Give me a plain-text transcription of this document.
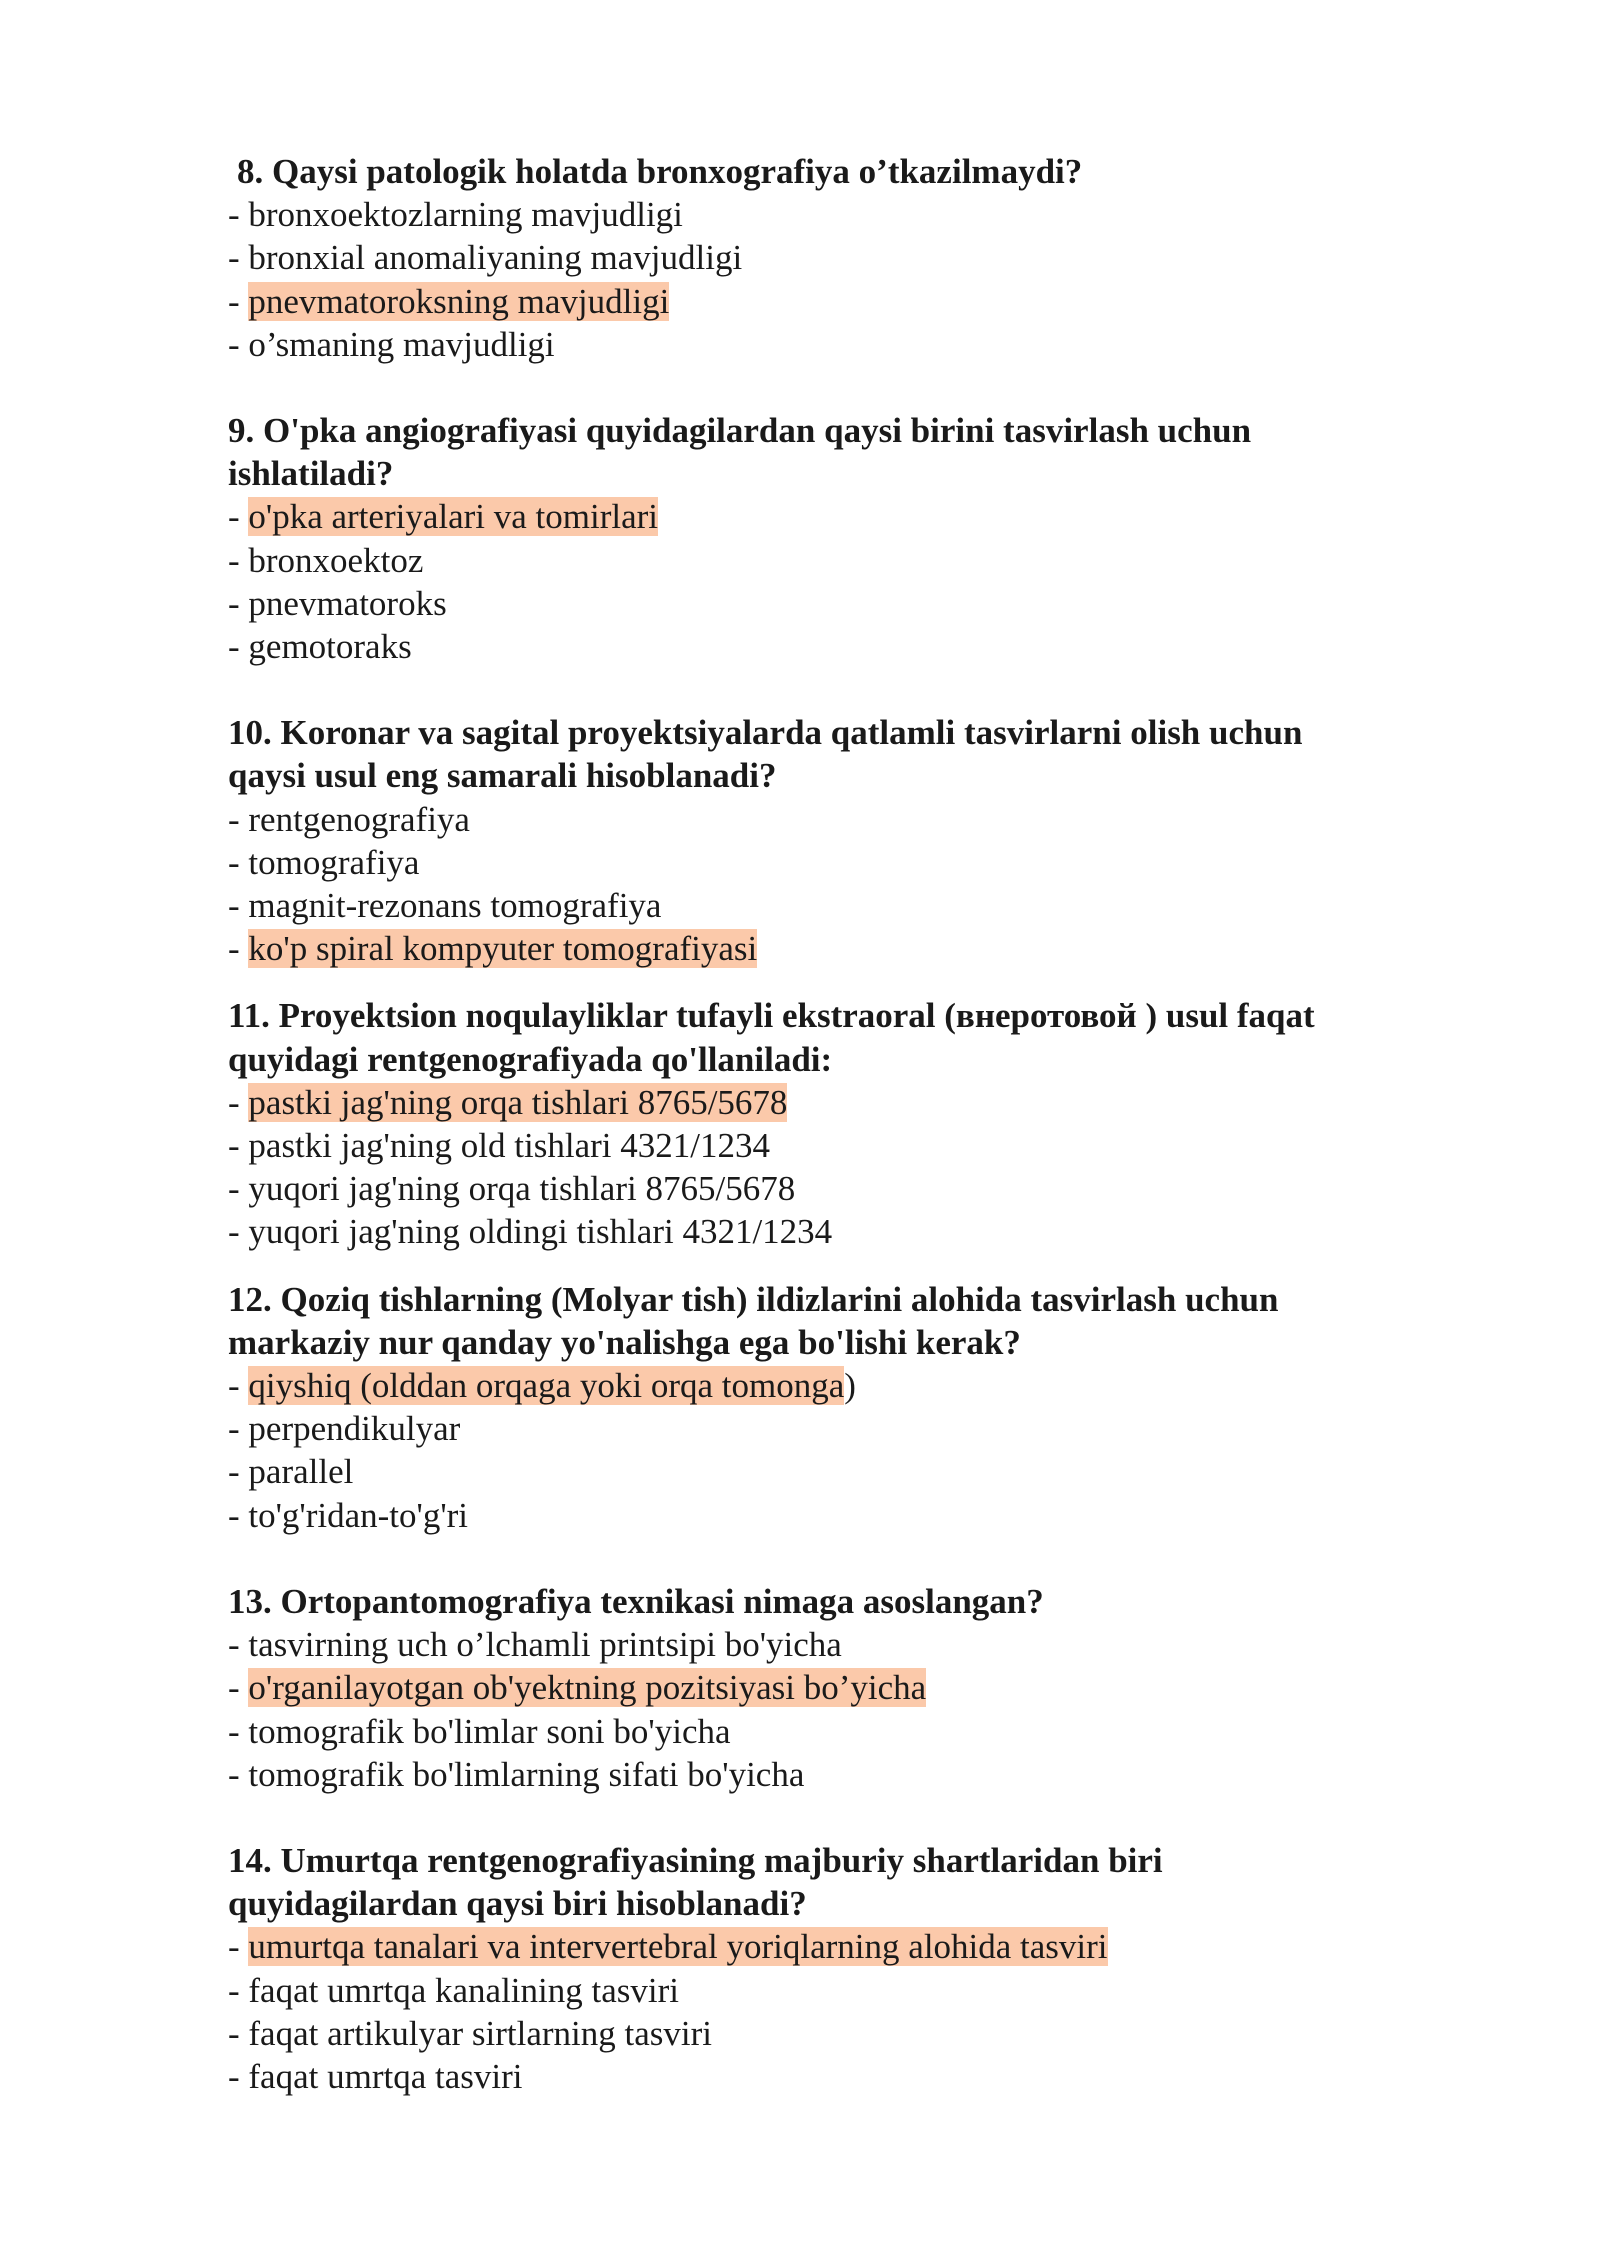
8. Qaysi patologik holatda bronxografiya o’tkazilmaydi?

- bronxoektozlarning mavjudligi

- bronxial anomaliyaning mavjudligi

- pnevmatoroksning mavjudligi

- o’smaning mavjudligi

9. O'pka angiografiyasi quyidagilardan qaysi birini tasvirlash uchun
ishlatiladi?

- o'pka arteriyalari va tomirlari

- bronxoektoz

- pnevmatoroks

- gemotoraks

10. Koronar va sagital proyektsiyalarda qatlamli tasvirlarni olish uchun
qaysi usul eng samarali hisoblanadi?

- rentgenografiya

- tomografiya

- magnit-rezonans tomografiya

- ko'p spiral kompyuter tomografiyasi

11. Proyektsion noqulayliklar tufayli ekstraoral (внеротовой ) usul faqat
quyidagi rentgenografiyada qo'llaniladi:

- pastki jag'ning orqa tishlari 8765/5678

- pastki jag'ning old tishlari 4321/1234

- yuqori jag'ning orqa tishlari 8765/5678

- yuqori jag'ning oldingi tishlari 4321/1234

12. Qoziq tishlarning (Molyar tish) ildizlarini alohida tasvirlash uchun
markaziy nur qanday yo'nalishga ega bo'lishi kerak?

- qiyshiq (olddan orqaga yoki orqa tomonga)

- perpendikulyar

- parallel

- to'g'ridan-to'g'ri

13. Ortopantomografiya texnikasi nimaga asoslangan?

- tasvirning uch o’lchamli printsipi bo'yicha

- o'rganilayotgan ob'yektning pozitsiyasi bo’yicha

- tomografik bo'limlar soni bo'yicha

- tomografik bo'limlarning sifati bo'yicha

14. Umurtqa rentgenografiyasining majburiy shartlaridan biri
quyidagilardan qaysi biri hisoblanadi?

- umurtqa tanalari va intervertebral yoriqlarning alohida tasviri

- faqat umrtqa kanalining tasviri

- faqat artikulyar sirtlarning tasviri

- faqat umrtqa tasviri
